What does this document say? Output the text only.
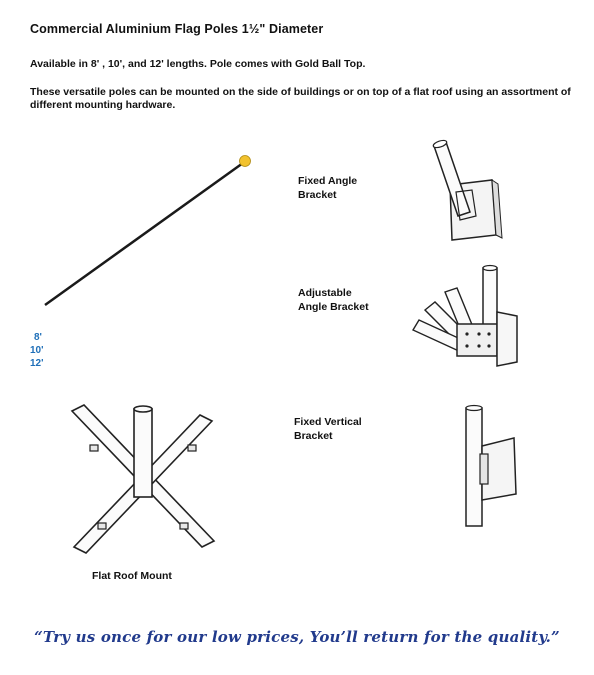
Commercial Aluminium Flag Poles 1½" Diameter
Available in 8' , 10', and 12' lengths. Pole comes with Gold Ball Top.
These versatile poles can be mounted on the side of buildings or on top of a flat roof using an assortment of different mounting hardware.
8'
10'
12'
Fixed Angle
Bracket
Adjustable
Angle Bracket
Fixed Vertical
Bracket
Flat Roof Mount
“Try us once for our low prices, You’ll return for the quality.”
